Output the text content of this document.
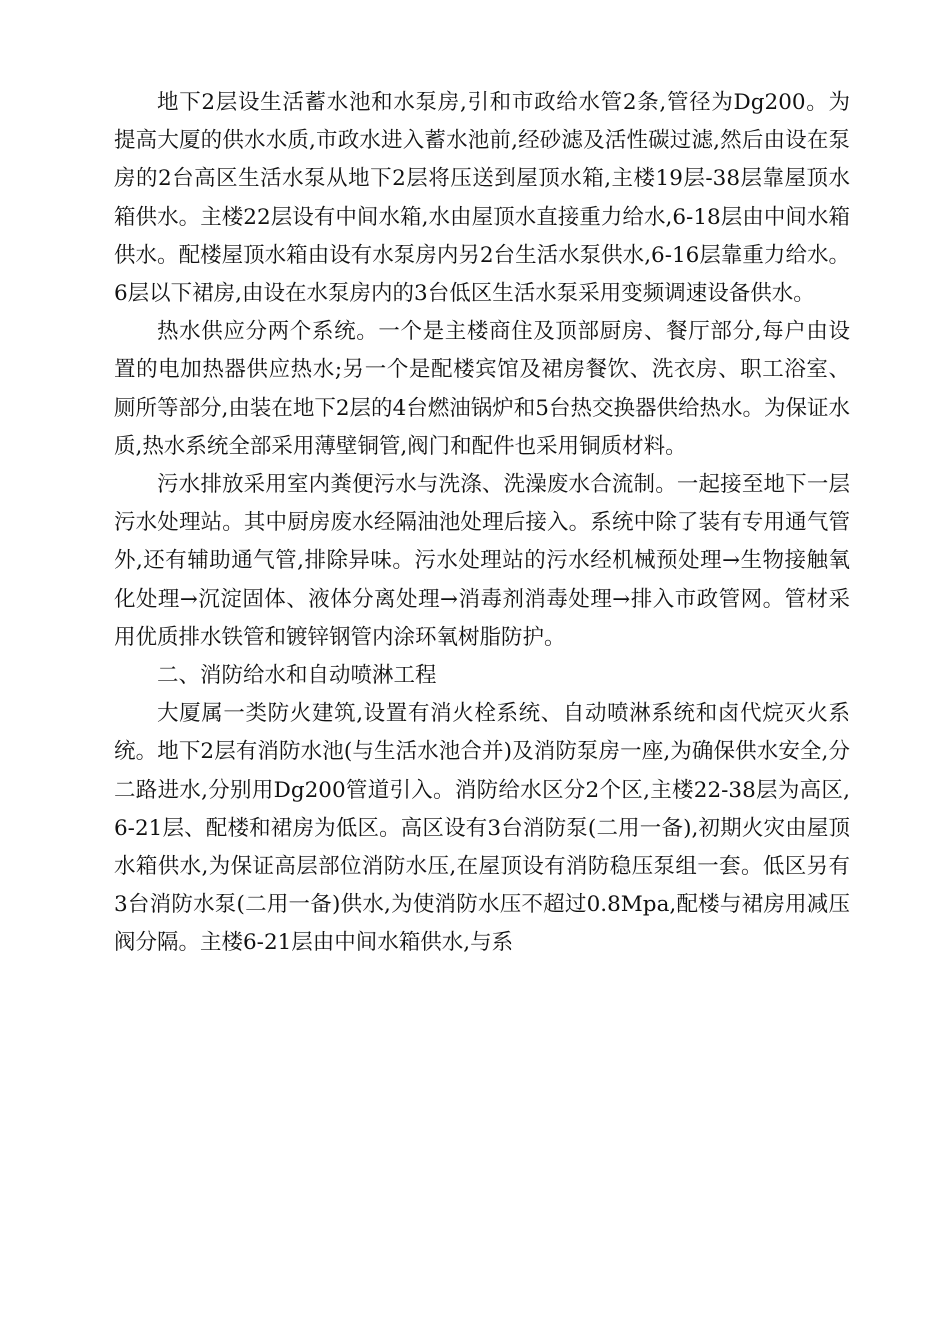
地下2层设生活蓄水池和水泵房,引和市政给水管2条,管径为Dg200。为提高大厦的供水水质,市政水进入蓄水池前,经砂滤及活性碳过滤,然后由设在泵房的2台高区生活水泵从地下2层将压送到屋顶水箱,主楼19层-38层靠屋顶水箱供水。主楼22层设有中间水箱,水由屋顶水直接重力给水,6-18层由中间水箱供水。配楼屋顶水箱由设有水泵房内另2台生活水泵供水,6-16层靠重力给水。6层以下裙房,由设在水泵房内的3台低区生活水泵采用变频调速设备供水。

热水供应分两个系统。一个是主楼商住及顶部厨房、餐厅部分,每户由设置的电加热器供应热水;另一个是配楼宾馆及裙房餐饮、洗衣房、职工浴室、厕所等部分,由装在地下2层的4台燃油锅炉和5台热交换器供给热水。为保证水质,热水系统全部采用薄壁铜管,阀门和配件也采用铜质材料。

污水排放采用室内粪便污水与洗涤、洗澡废水合流制。一起接至地下一层污水处理站。其中厨房废水经隔油池处理后接入。系统中除了装有专用通气管外,还有辅助通气管,排除异味。污水处理站的污水经机械预处理→生物接触氧化处理→沉淀固体、液体分离处理→消毒剂消毒处理→排入市政管网。管材采用优质排水铁管和镀锌钢管内涂环氧树脂防护。

二、消防给水和自动喷淋工程

大厦属一类防火建筑,设置有消火栓系统、自动喷淋系统和卤代烷灭火系统。地下2层有消防水池(与生活水池合并)及消防泵房一座,为确保供水安全,分二路进水,分别用Dg200管道引入。消防给水区分2个区,主楼22-38层为高区,6-21层、配楼和裙房为低区。高区设有3台消防泵(二用一备),初期火灾由屋顶水箱供水,为保证高层部位消防水压,在屋顶设有消防稳压泵组一套。低区另有3台消防水泵(二用一备)供水,为使消防水压不超过0.8Mpa,配楼与裙房用减压阀分隔。主楼6-21层由中间水箱供水,与系
